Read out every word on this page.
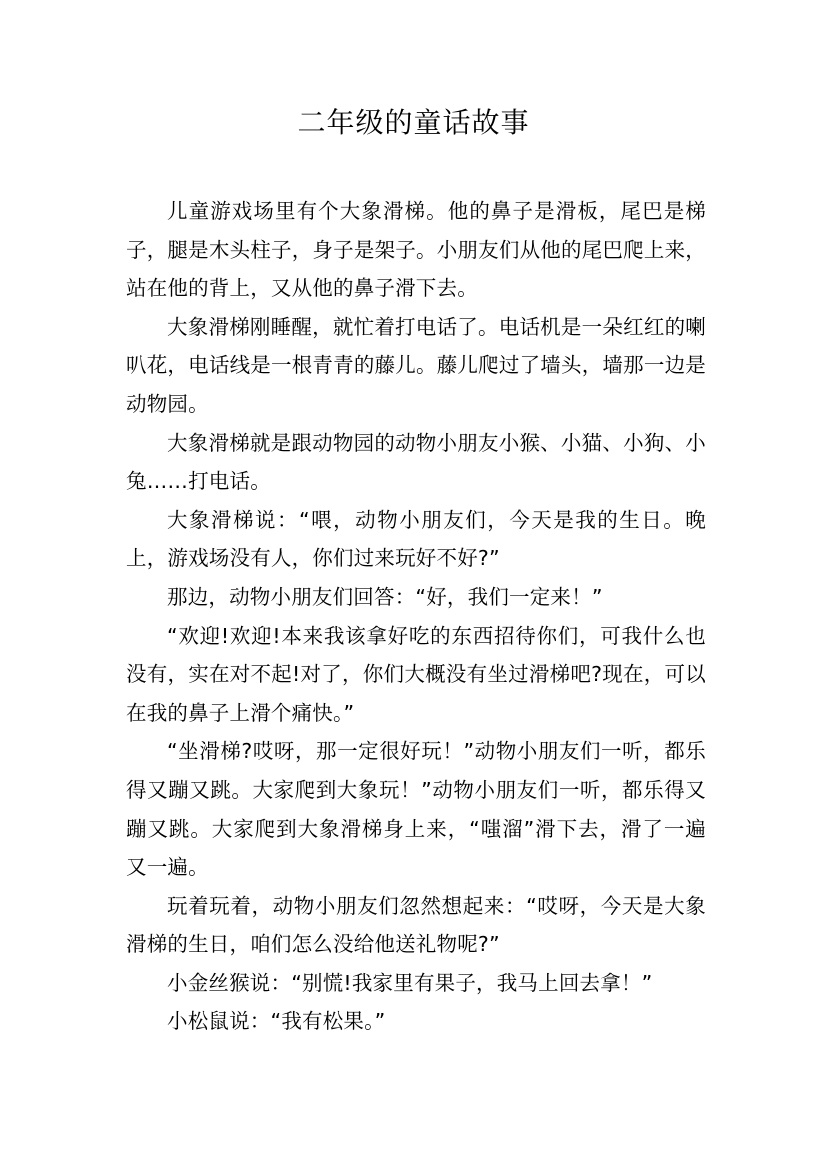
二年级的童话故事

儿童游戏场里有个大象滑梯。他的鼻子是滑板，尾巴是梯子，腿是木头柱子，身子是架子。小朋友们从他的尾巴爬上来，站在他的背上，又从他的鼻子滑下去。

大象滑梯刚睡醒，就忙着打电话了。电话机是一朵红红的喇叭花，电话线是一根青青的藤儿。藤儿爬过了墙头，墙那一边是动物园。

大象滑梯就是跟动物园的动物小朋友小猴、小猫、小狗、小兔……打电话。

大象滑梯说：“喂，动物小朋友们，今天是我的生日。晚上，游戏场没有人，你们过来玩好不好?”

那边，动物小朋友们回答：“好，我们一定来！”

“欢迎!欢迎!本来我该拿好吃的东西招待你们，可我什么也没有，实在对不起!对了，你们大概没有坐过滑梯吧?现在，可以在我的鼻子上滑个痛快。”

“坐滑梯?哎呀，那一定很好玩！”动物小朋友们一听，都乐得又蹦又跳。大家爬到大象玩！”动物小朋友们一听，都乐得又蹦又跳。大家爬到大象滑梯身上来，“嗤溜”滑下去，滑了一遍又一遍。

玩着玩着，动物小朋友们忽然想起来：“哎呀，今天是大象滑梯的生日，咱们怎么没给他送礼物呢?”

小金丝猴说：“别慌!我家里有果子，我马上回去拿！”

小松鼠说：“我有松果。”
